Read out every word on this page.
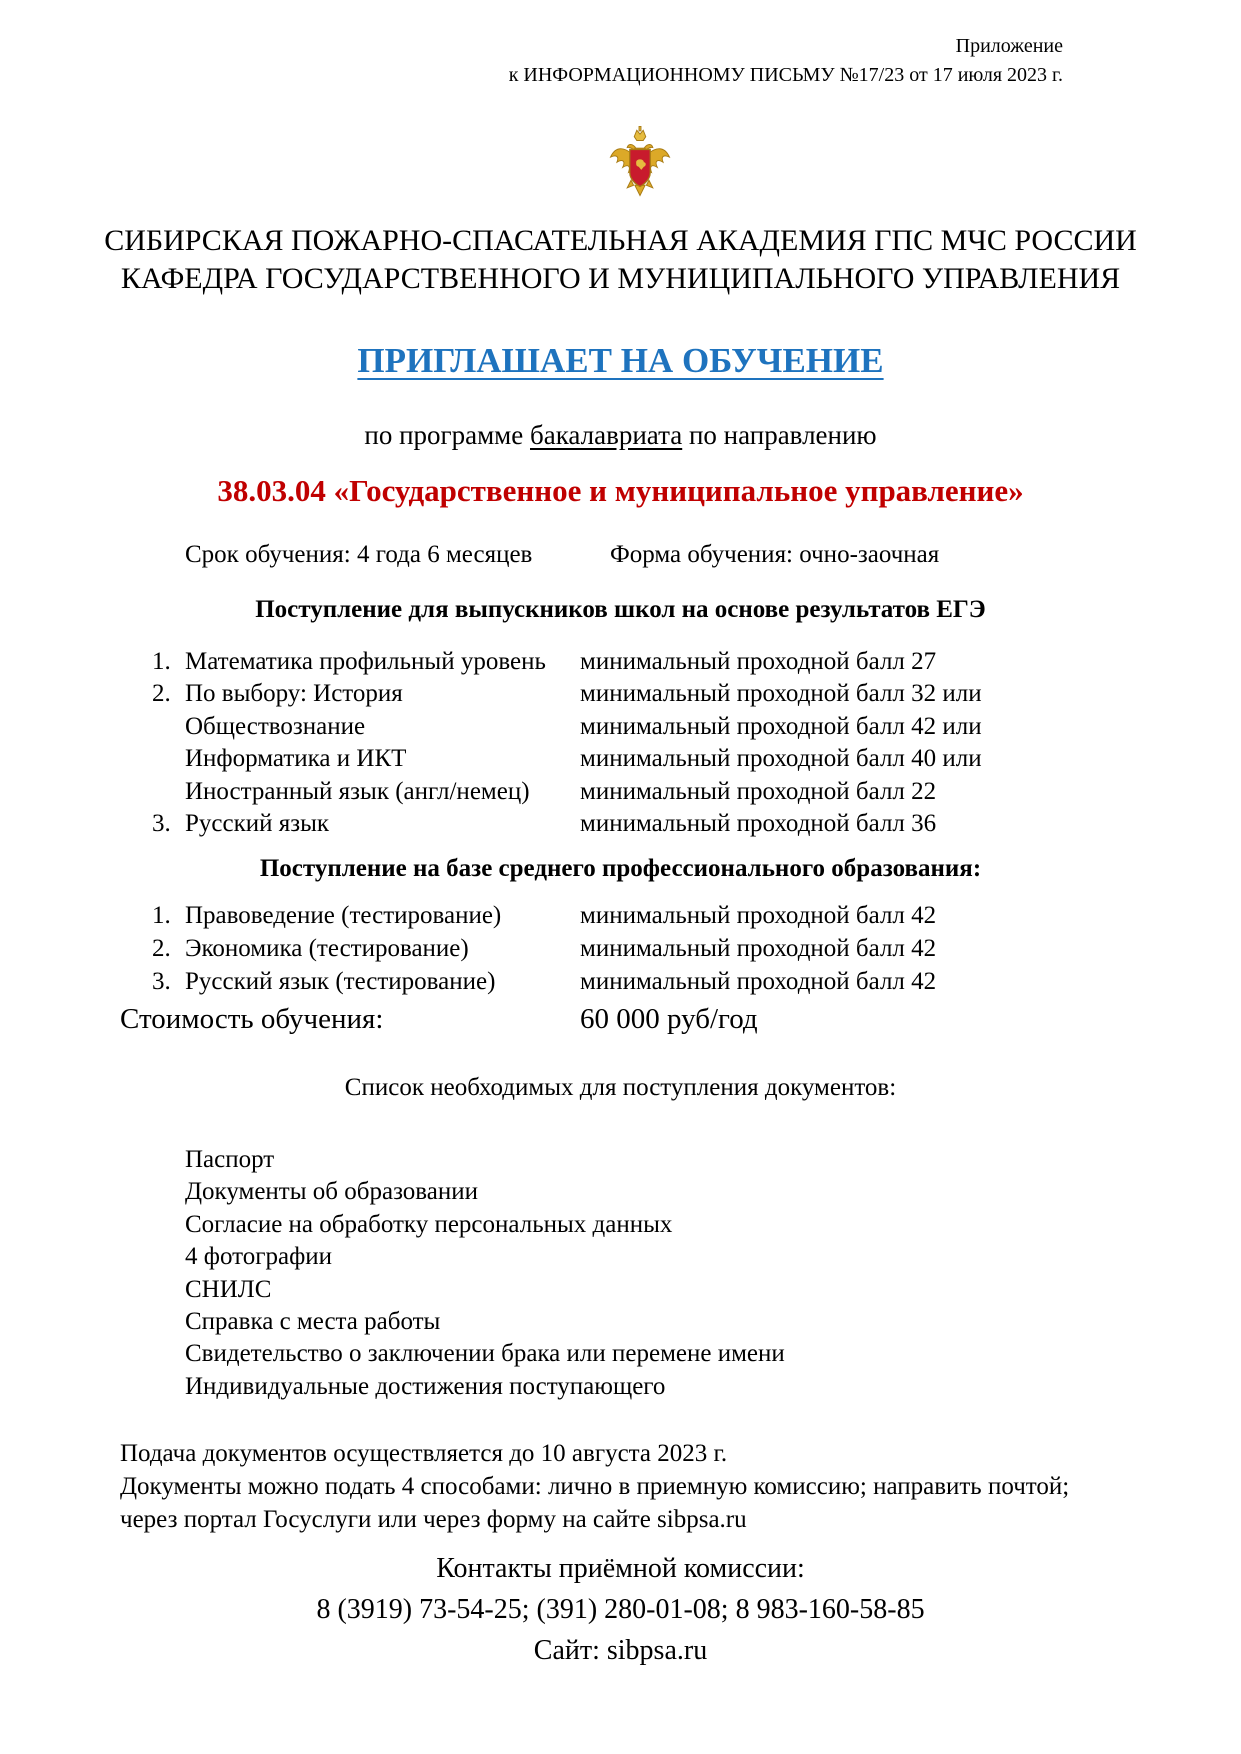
Приложение
к ИНФОРМАЦИОННОМУ ПИСЬМУ №17/23 от 17 июля 2023 г.
СИБИРСКАЯ ПОЖАРНО-СПАСАТЕЛЬНАЯ АКАДЕМИЯ ГПС МЧС РОССИИ
КАФЕДРА ГОСУДАРСТВЕННОГО И МУНИЦИПАЛЬНОГО УПРАВЛЕНИЯ
ПРИГЛАШАЕТ НА ОБУЧЕНИЕ
по программе бакалавриата по направлению
38.03.04 «Государственное и муниципальное управление»
Срок обучения: 4 года 6 месяцев	Форма обучения: очно-заочная
Поступление для выпускников школ на основе результатов ЕГЭ
1. Математика профильный уровень минимальный проходной балл 27
2. По выбору: История	минимальный проходной балл 32 или
Обществознание	минимальный проходной балл 42 или
Информатика и ИКТ	минимальный проходной балл 40 или
Иностранный язык (англ/немец) минимальный проходной балл 22
3. Русский язык	минимальный проходной балл 36
Поступление на базе среднего профессионального образования:
1. Правоведение (тестирование)	минимальный проходной балл 42
2. Экономика (тестирование)	минимальный проходной балл 42
3. Русский язык (тестирование)	минимальный проходной балл 42
Стоимость обучения:	60 000 руб/год
Список необходимых для поступления документов:
Паспорт
Документы об образовании
Согласие на обработку персональных данных
4 фотографии
СНИЛС
Справка с места работы
Свидетельство о заключении брака или перемене имени
Индивидуальные достижения поступающего
Подача документов осуществляется до 10 августа 2023 г.
Документы можно подать 4 способами: лично в приемную комиссию; направить почтой; через портал Госуслуги или через форму на сайте sibpsa.ru
Контакты приёмной комиссии:
8 (3919) 73-54-25; (391) 280-01-08; 8 983-160-58-85
Сайт: sibpsa.ru
